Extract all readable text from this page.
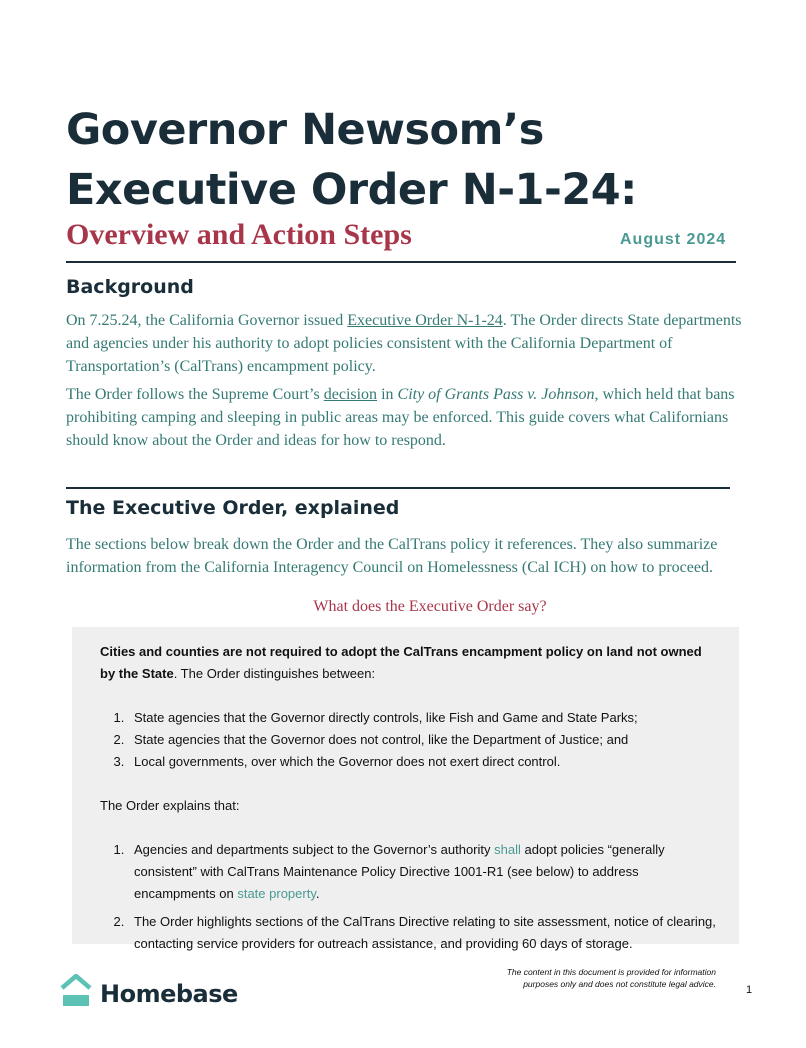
Governor Newsom’s Executive Order N-1-24:
Overview and Action Steps	August 2024
Background

On 7.25.24, the California Governor issued Executive Order N-1-24. The Order directs State departments and agencies under his authority to adopt policies consistent with the California Department of Transportation’s (CalTrans) encampment policy.

The Order follows the Supreme Court’s decision in City of Grants Pass v. Johnson, which held that bans prohibiting camping and sleeping in public areas may be enforced. This guide covers what Californians should know about the Order and ideas for how to respond.

The Executive Order, explained

The sections below break down the Order and the CalTrans policy it references. They also summarize information from the California Interagency Council on Homelessness (Cal ICH) on how to proceed.

What does the Executive Order say?

Cities and counties are not required to adopt the CalTrans encampment policy on land not owned by the State. The Order distinguishes between:

1. State agencies that the Governor directly controls, like Fish and Game and State Parks;
2. State agencies that the Governor does not control, like the Department of Justice; and
3. Local governments, over which the Governor does not exert direct control.

The Order explains that:

1. Agencies and departments subject to the Governor’s authority shall adopt policies “generally consistent” with CalTrans Maintenance Policy Directive 1001-R1 (see below) to address encampments on state property.
2. The Order highlights sections of the CalTrans Directive relating to site assessment, notice of clearing, contacting service providers for outreach assistance, and providing 60 days of storage.
Homebase
The content in this document is provided for information purposes only and does not constitute legal advice.	1
